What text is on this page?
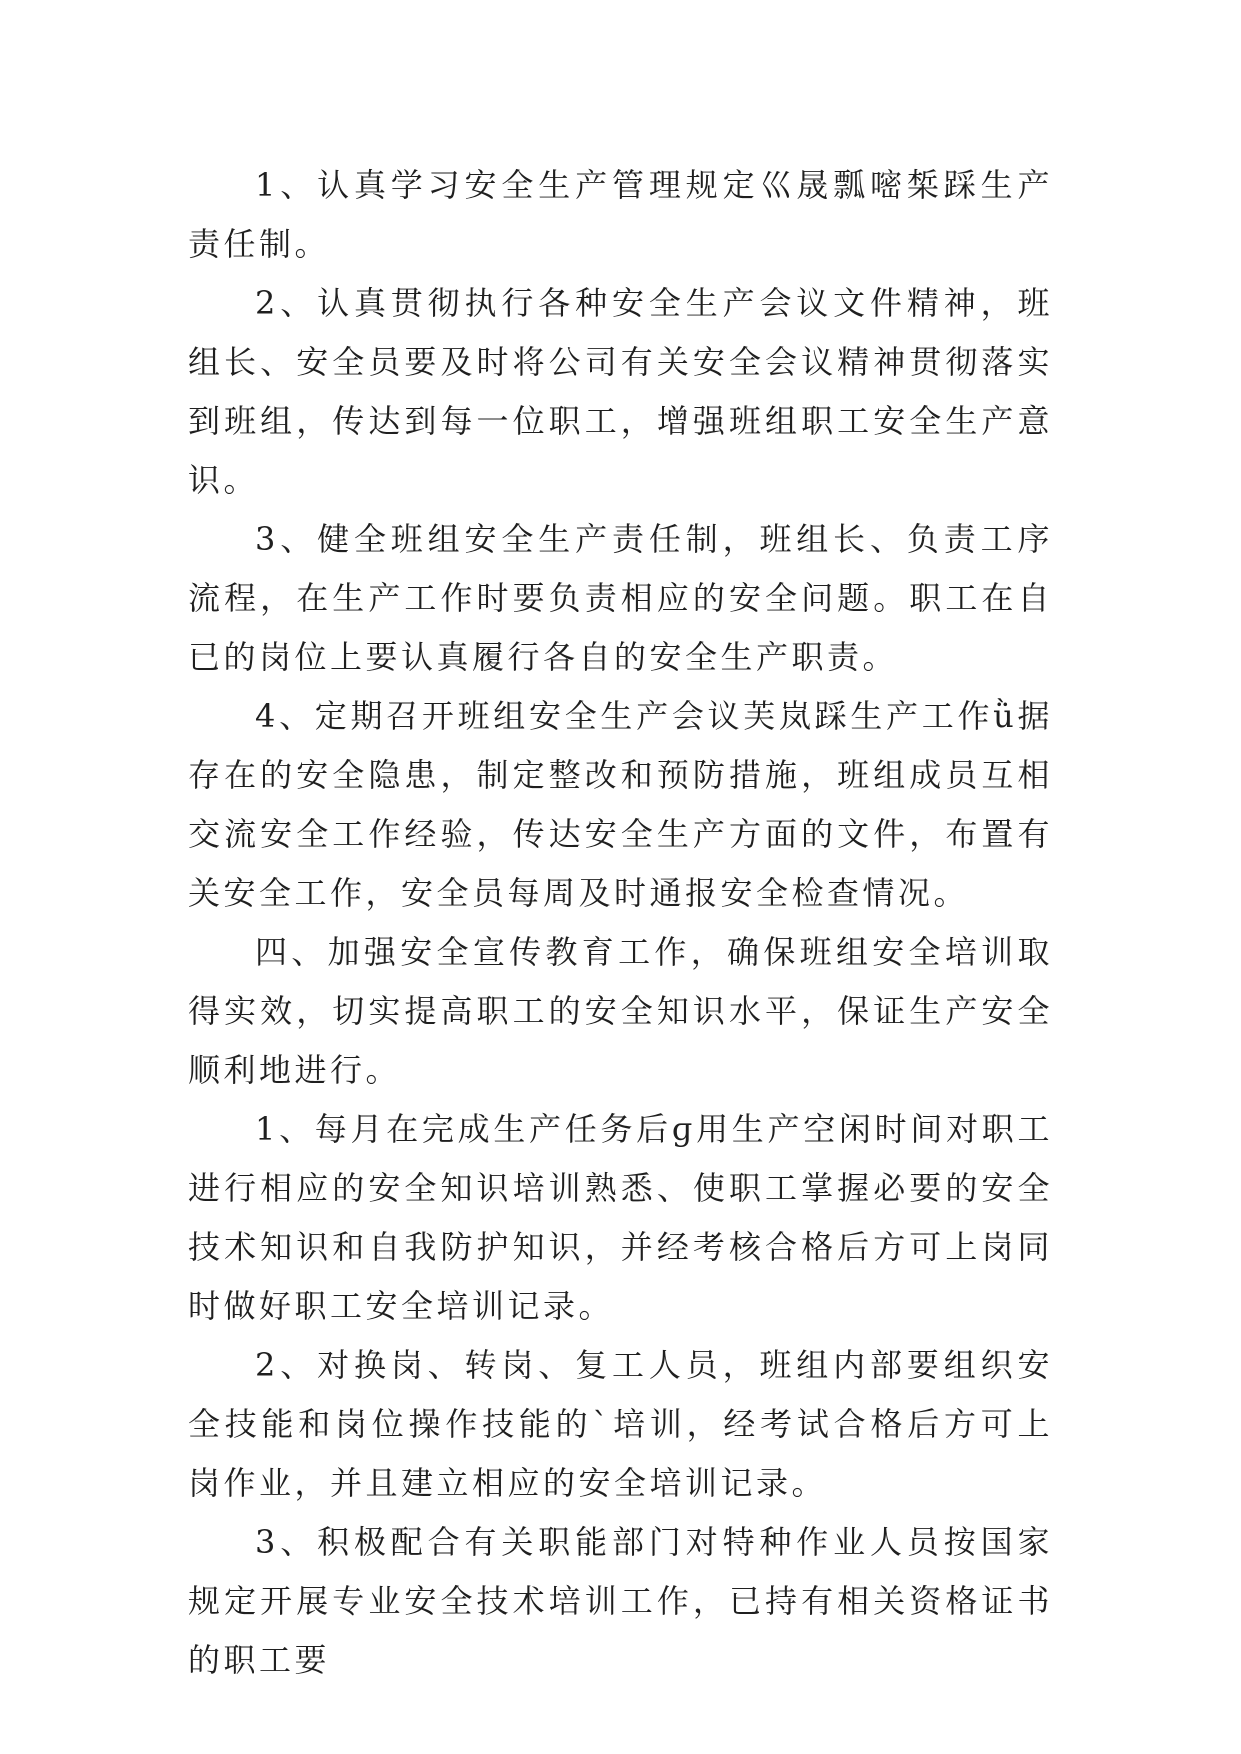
1、认真学习安全生产管理规定巛晟瓢嘧椞踩生产责任制。

2、认真贯彻执行各种安全生产会议文件精神，班组长、安全员要及时将公司有关安全会议精神贯彻落实到班组，传达到每一位职工，增强班组职工安全生产意识。

3、健全班组安全生产责任制，班组长、负责工序流程，在生产工作时要负责相应的安全问题。职工在自已的岗位上要认真履行各自的安全生产职责。

4、定期召开班组安全生产会议芙岚踩生产工作ǜ据存在的安全隐患，制定整改和预防措施，班组成员互相交流安全工作经验，传达安全生产方面的文件，布置有关安全工作，安全员每周及时通报安全检查情况。

四、加强安全宣传教育工作，确保班组安全培训取得实效，切实提高职工的安全知识水平，保证生产安全顺利地进行。

1、每月在完成生产任务后ɡ用生产空闲时间对职工进行相应的安全知识培训熟悉、使职工掌握必要的安全技术知识和自我防护知识，并经考核合格后方可上岗同时做好职工安全培训记录。

2、对换岗、转岗、复工人员，班组内部要组织安全技能和岗位操作技能的`培训，经考试合格后方可上岗作业，并且建立相应的安全培训记录。

3、积极配合有关职能部门对特种作业人员按国家规定开展专业安全技术培训工作，已持有相关资格证书的职工要
